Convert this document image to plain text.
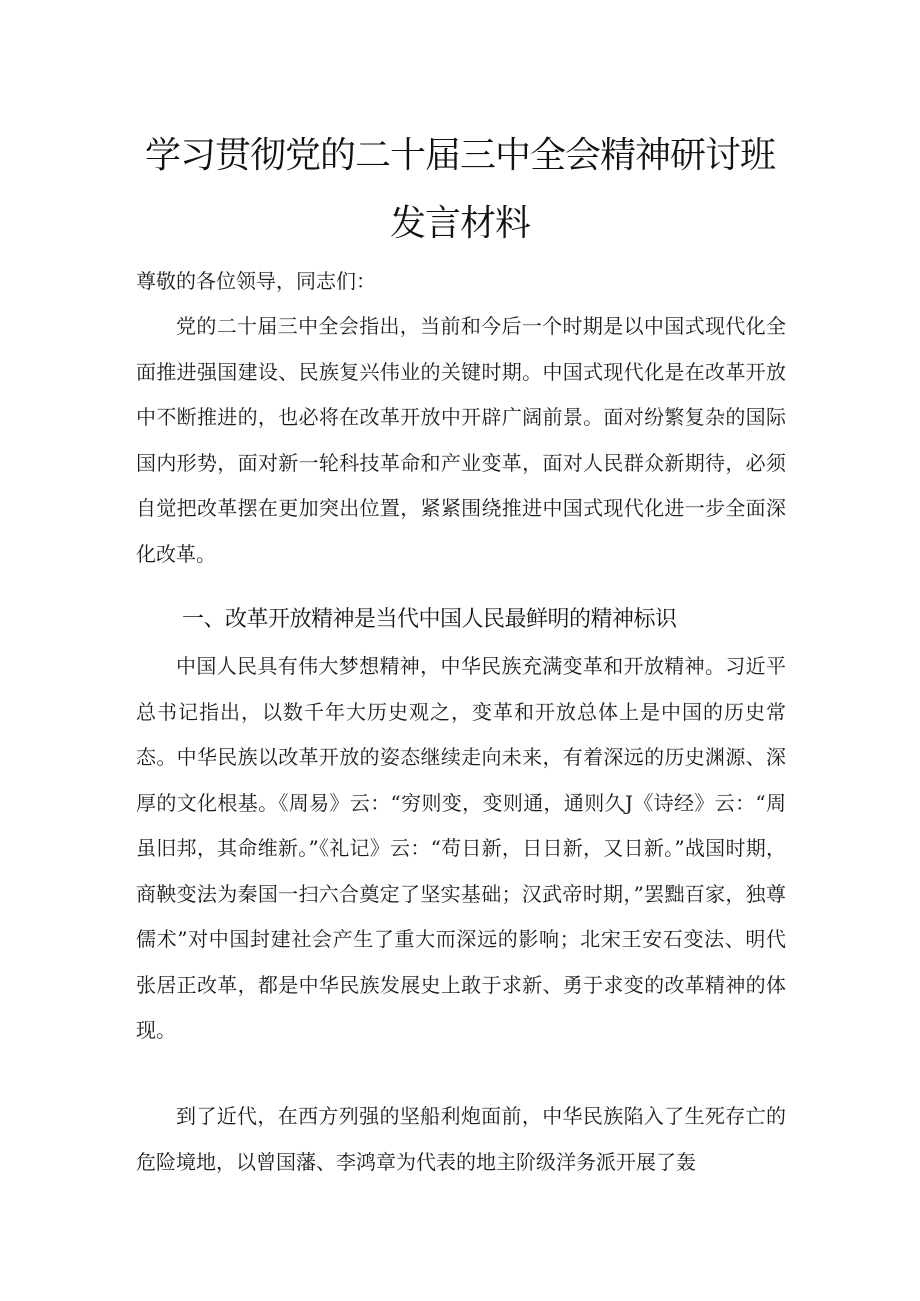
学习贯彻党的二十届三中全会精神研讨班
发言材料

尊敬的各位领导，同志们：

党的二十届三中全会指出，当前和今后一个时期是以中国式现代化全面推进强国建设、民族复兴伟业的关键时期。中国式现代化是在改革开放中不断推进的，也必将在改革开放中开辟广阔前景。面对纷繁复杂的国际国内形势，面对新一轮科技革命和产业变革，面对人民群众新期待，必须自觉把改革摆在更加突出位置，紧紧围绕推进中国式现代化进一步全面深化改革。

一、改革开放精神是当代中国人民最鲜明的精神标识

中国人民具有伟大梦想精神，中华民族充满变革和开放精神。习近平总书记指出，以数千年大历史观之，变革和开放总体上是中国的历史常态。中华民族以改革开放的姿态继续走向未来，有着深远的历史渊源、深厚的文化根基。《周易》云：“穷则变，变则通，通则久J《诗经》云：“周虽旧邦，其命维新。”《礼记》云：“苟日新，日日新，又日新。”战国时期，商鞅变法为秦国一扫六合奠定了坚实基础；汉武帝时期，”罢黜百家，独尊儒术”对中国封建社会产生了重大而深远的影响；北宋王安石变法、明代张居正改革，都是中华民族发展史上敢于求新、勇于求变的改革精神的体现。

到了近代，在西方列强的坚船利炮面前，中华民族陷入了生死存亡的危险境地，以曾国藩、李鸿章为代表的地主阶级洋务派开展了轰
